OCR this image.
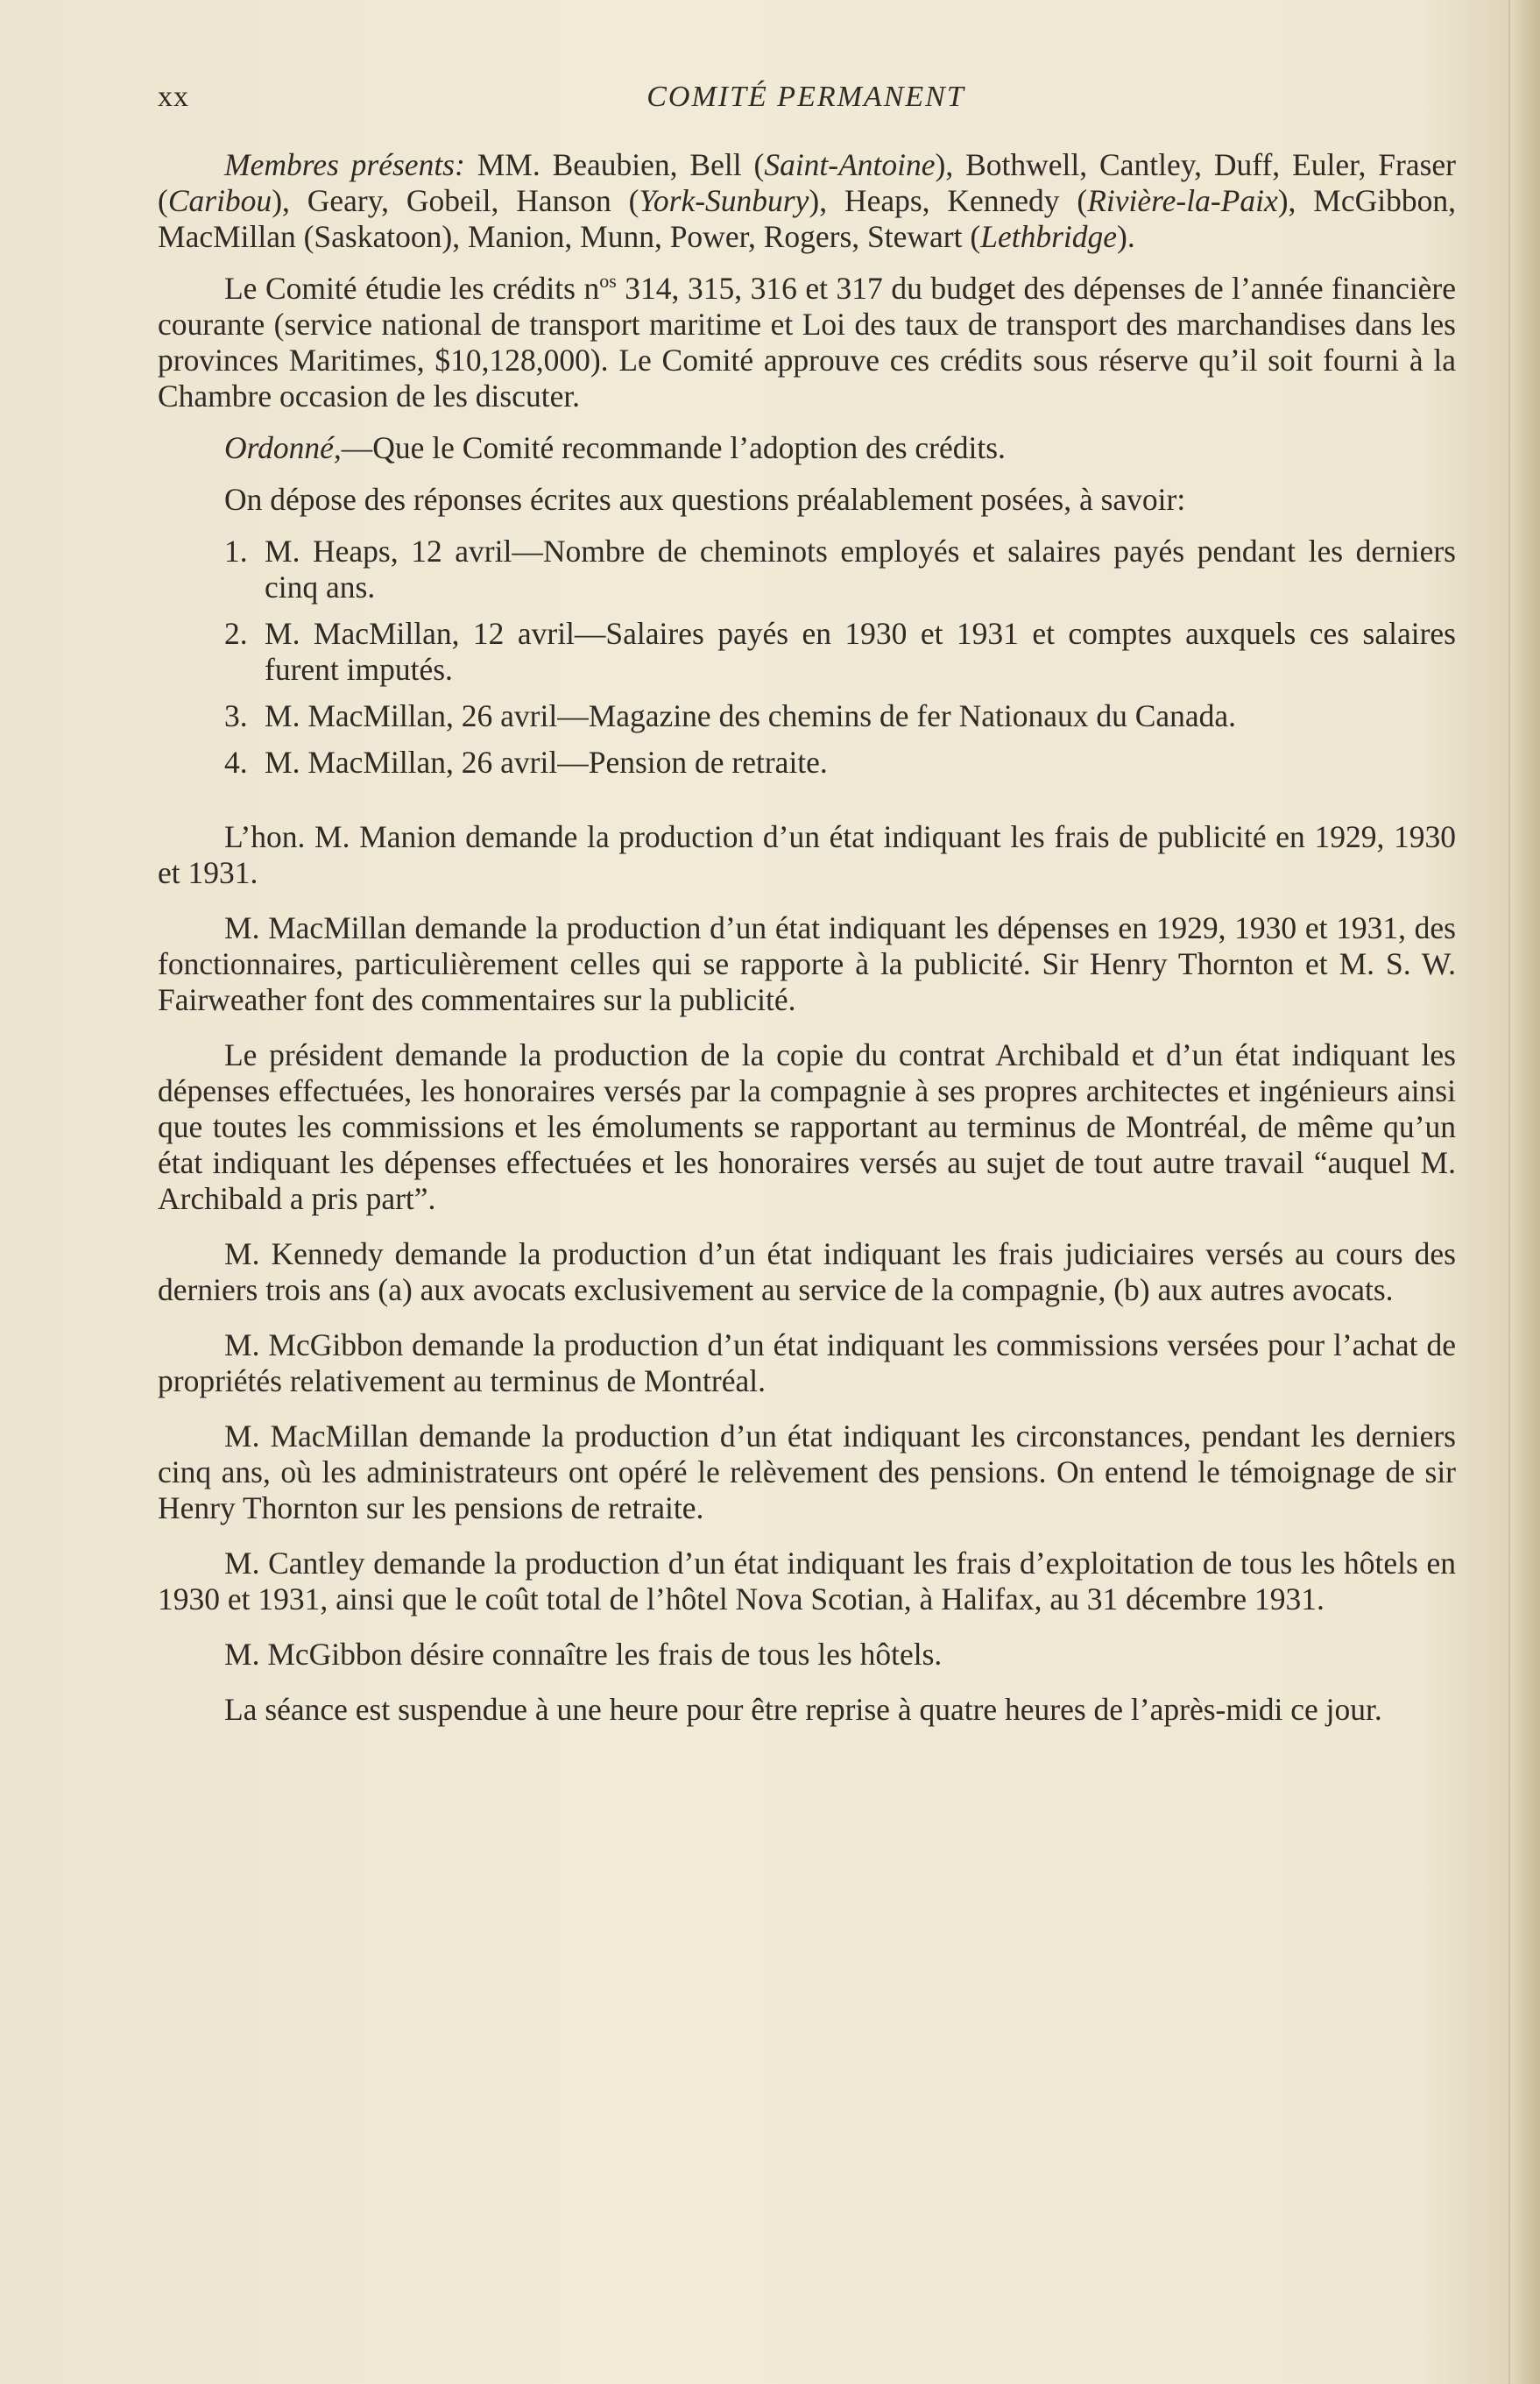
xx	COMITÉ PERMANENT

Membres présents: MM. Beaubien, Bell (Saint-Antoine), Bothwell, Cantley, Duff, Euler, Fraser (Caribou), Geary, Gobeil, Hanson (York-Sunbury), Heaps, Kennedy (Rivière-la-Paix), McGibbon, MacMillan (Saskatoon), Manion, Munn, Power, Rogers, Stewart (Lethbridge).

Le Comité étudie les crédits $n^{os}$ 314, 315, 316 et 317 du budget des dépenses de l’année financière courante (service national de transport maritime et Loi des taux de transport des marchandises dans les provinces Maritimes, $10,128,000). Le Comité approuve ces crédits sous réserve qu’il soit fourni à la Chambre occasion de les discuter.

Ordonné,—Que le Comité recommande l’adoption des crédits.

On dépose des réponses écrites aux questions préalablement posées, à savoir:

1. M. Heaps, 12 avril—Nombre de cheminots employés et salaires payés pendant les derniers cinq ans.
2. M. MacMillan, 12 avril—Salaires payés en 1930 et 1931 et comptes auxquels ces salaires furent imputés.
3. M. MacMillan, 26 avril—Magazine des chemins de fer Nationaux du Canada.
4. M. MacMillan, 26 avril—Pension de retraite.

L’hon. M. Manion demande la production d’un état indiquant les frais de publicité en 1929, 1930 et 1931.

M. MacMillan demande la production d’un état indiquant les dépenses en 1929, 1930 et 1931, des fonctionnaires, particulièrement celles qui se rapporte à la publicité. Sir Henry Thornton et M. S. W. Fairweather font des commentaires sur la publicité.

Le président demande la production de la copie du contrat Archibald et d’un état indiquant les dépenses effectuées, les honoraires versés par la compagnie à ses propres architectes et ingénieurs ainsi que toutes les commissions et les émoluments se rapportant au terminus de Montréal, de même qu’un état indiquant les dépenses effectuées et les honoraires versés au sujet de tout autre travail “auquel M. Archibald a pris part”.

M. Kennedy demande la production d’un état indiquant les frais judiciaires versés au cours des derniers trois ans (a) aux avocats exclusivement au service de la compagnie, (b) aux autres avocats.

M. McGibbon demande la production d’un état indiquant les commissions versées pour l’achat de propriétés relativement au terminus de Montréal.

M. MacMillan demande la production d’un état indiquant les circonstances, pendant les derniers cinq ans, où les administrateurs ont opéré le relèvement des pensions. On entend le témoignage de sir Henry Thornton sur les pensions de retraite.

M. Cantley demande la production d’un état indiquant les frais d’exploitation de tous les hôtels en 1930 et 1931, ainsi que le coût total de l’hôtel Nova Scotian, à Halifax, au 31 décembre 1931.

M. McGibbon désire connaître les frais de tous les hôtels.

La séance est suspendue à une heure pour être reprise à quatre heures de l’après-midi ce jour.
